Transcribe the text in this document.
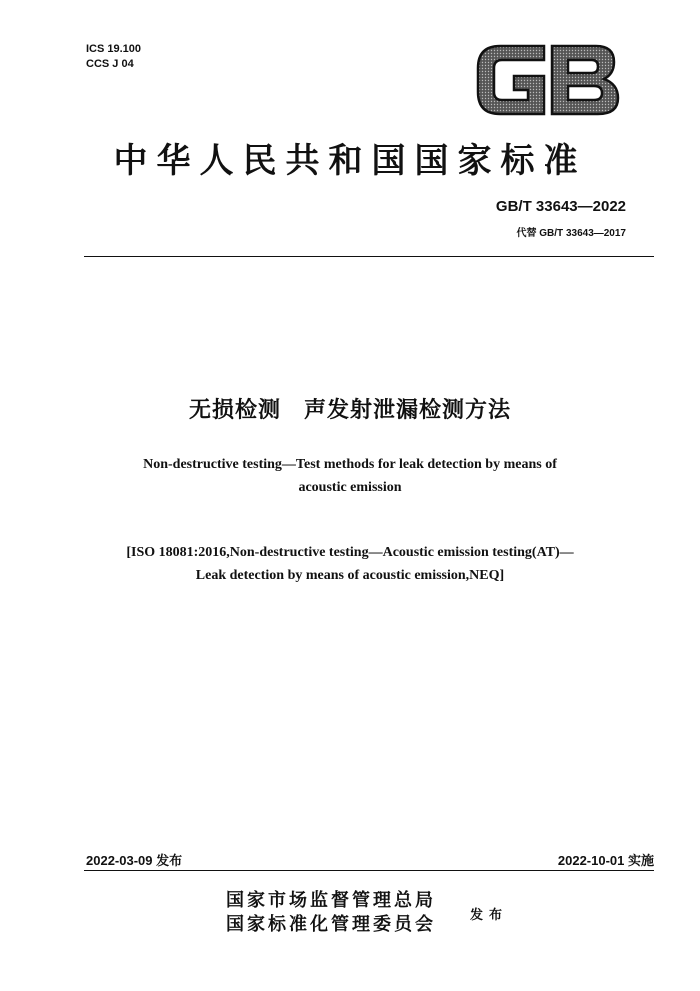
ICS 19.100
CCS J 04
中华人民共和国国家标准
GB/T 33643—2022
代替 GB/T 33643—2017
无损检测　声发射泄漏检测方法
Non-destructive testing—Test methods for leak detection by means of
acoustic emission
[ISO 18081:2016,Non-destructive testing—Acoustic emission testing(AT)—
Leak detection by means of acoustic emission,NEQ]
2022-03-09 发布	2022-10-01 实施
国家市场监督管理总局
国家标准化管理委员会	发布
